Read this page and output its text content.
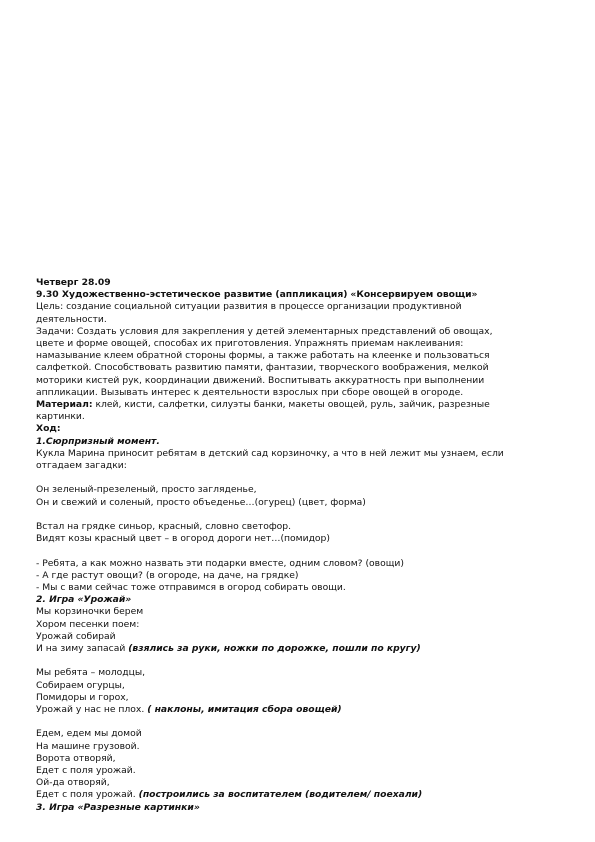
Четверг 28.09
9.30 Художественно-эстетическое развитие (аппликация) «Консервируем овощи»
Цель: создание социальной ситуации развития в процессе организации продуктивной
деятельности.
Задачи: Создать условия для закрепления у детей элементарных представлений об овощах,
цвете и форме овощей, способах их приготовления. Упражнять приемам наклеивания:
намазывание клеем обратной стороны формы, а также работать на клеенке и пользоваться
салфеткой. Способствовать развитию памяти, фантазии, творческого воображения, мелкой
моторики кистей рук, координации движений. Воспитывать аккуратность при выполнении
аппликации. Вызывать интерес к деятельности взрослых при сборе овощей в огороде.
Материал: клей, кисти, салфетки, силуэты банки, макеты овощей, руль, зайчик, разрезные
картинки.
Ход:
1.Сюрпризный момент.
Кукла Марина приносит ребятам в детский сад корзиночку, а что в ней лежит мы узнаем, если
отгадаем загадки:
Он зеленый-презеленый, просто загляденье,
Он и свежий и соленый, просто объеденье…(огурец) (цвет, форма)
Встал на грядке синьор, красный, словно светофор.
Видят козы красный цвет – в огород дороги нет…(помидор)
- Ребята, а как можно назвать эти подарки вместе, одним словом? (овощи)
- А где растут овощи? (в огороде, на даче, на грядке)
- Мы с вами сейчас тоже отправимся в огород собирать овощи.
2. Игра «Урожай»
Мы корзиночки берем
Хором песенки поем:
Урожай собирай
И на зиму запасай (взялись за руки, ножки по дорожке, пошли по кругу)
Мы ребята – молодцы,
Собираем огурцы,
Помидоры и горох,
Урожай у нас не плох. ( наклоны, имитация сбора овощей)
Едем, едем мы домой
На машине грузовой.
Ворота отворяй,
Едет с поля урожай.
Ой-да отворяй,
Едет с поля урожай. (построились за воспитателем (водителем/ поехали)
3. Игра «Разрезные картинки»
